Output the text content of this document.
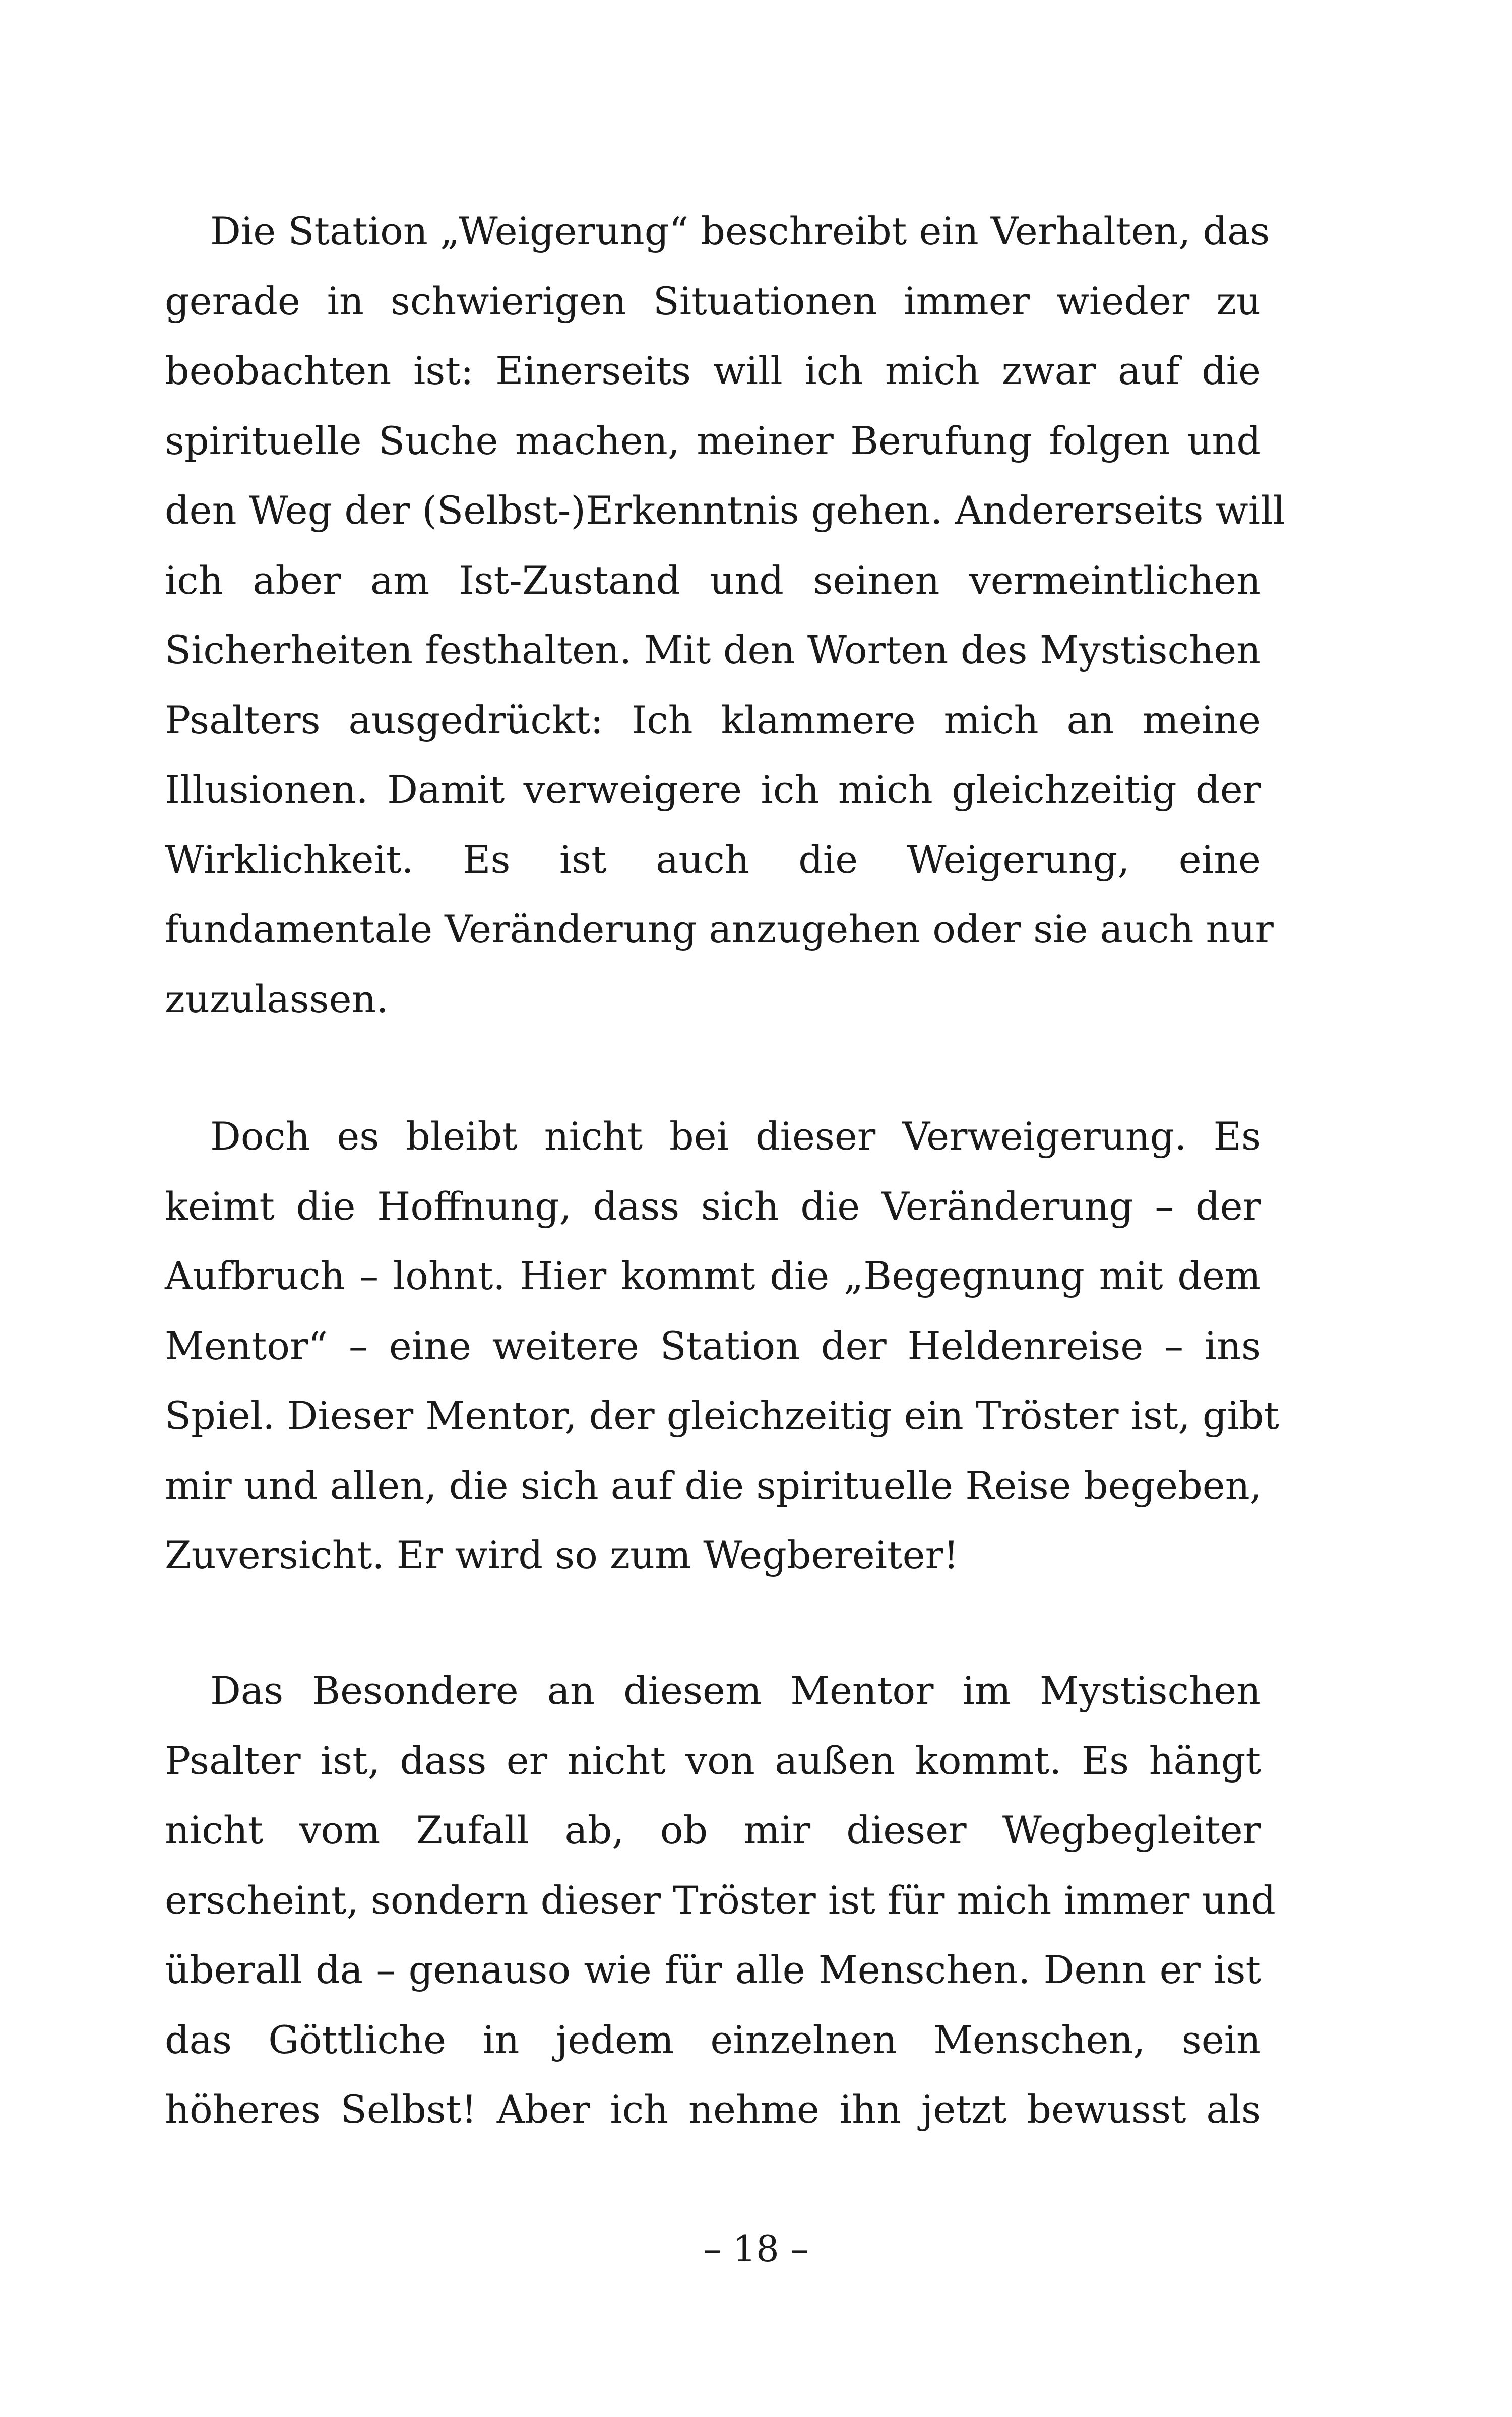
Die Station „Weigerung“ beschreibt ein Verhalten, das
gerade in schwierigen Situationen immer wieder zu
beobachten ist: Einerseits will ich mich zwar auf die
spirituelle Suche machen, meiner Berufung folgen und
den Weg der (Selbst-)Erkenntnis gehen. Andererseits will
ich aber am Ist-Zustand und seinen vermeintlichen
Sicherheiten festhalten. Mit den Worten des Mystischen
Psalters ausgedrückt: Ich klammere mich an meine
Illusionen. Damit verweigere ich mich gleichzeitig der
Wirklichkeit. Es ist auch die Weigerung, eine
fundamentale Veränderung anzugehen oder sie auch nur
zuzulassen.

Doch es bleibt nicht bei dieser Verweigerung. Es
keimt die Hoffnung, dass sich die Veränderung – der
Aufbruch – lohnt. Hier kommt die „Begegnung mit dem
Mentor“ – eine weitere Station der Heldenreise – ins
Spiel. Dieser Mentor, der gleichzeitig ein Tröster ist, gibt
mir und allen, die sich auf die spirituelle Reise begeben,
Zuversicht. Er wird so zum Wegbereiter!

Das Besondere an diesem Mentor im Mystischen
Psalter ist, dass er nicht von außen kommt. Es hängt
nicht vom Zufall ab, ob mir dieser Wegbegleiter
erscheint, sondern dieser Tröster ist für mich immer und
überall da – genauso wie für alle Menschen. Denn er ist
das Göttliche in jedem einzelnen Menschen, sein
höheres Selbst! Aber ich nehme ihn jetzt bewusst als

– 18 –
